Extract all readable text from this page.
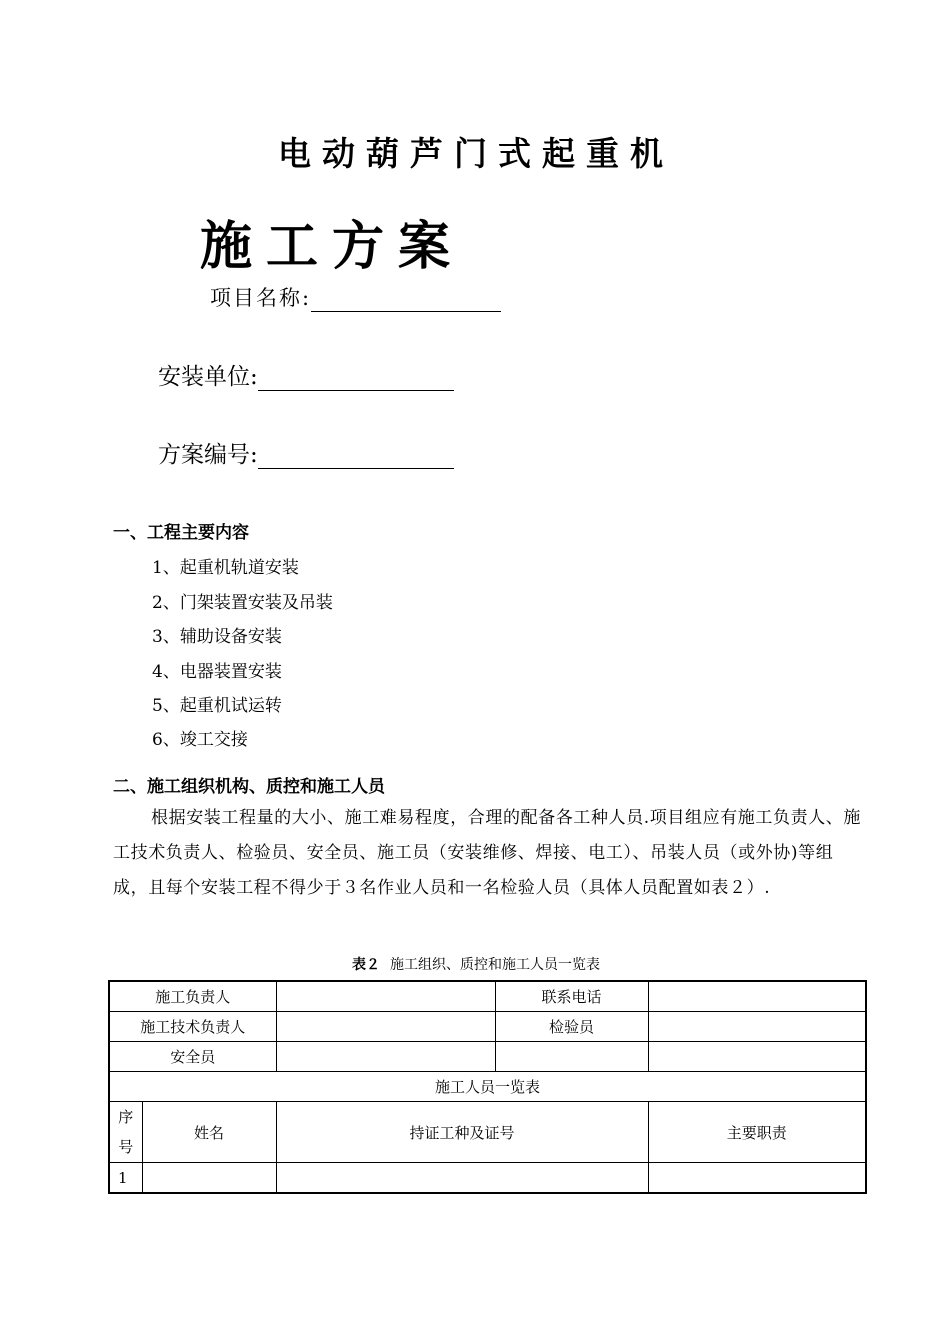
电动葫芦门式起重机
施工方案
项目名称:
安装单位:
方案编号:
一、工程主要内容
1、起重机轨道安装
2、门架装置安装及吊装
3、辅助设备安装
4、电器装置安装
5、起重机试运转
6、竣工交接
二、施工组织机构、质控和施工人员
根据安装工程量的大小、施工难易程度，合理的配备各工种人员.项目组应有施工负责人、施工技术负责人、检验员、安全员、施工员（安装维修、焊接、电工）、吊装人员（或外协)等组成，且每个安装工程不得少于３名作业人员和一名检验人员（具体人员配置如表２）.
表２ 施工组织、质控和施工人员一览表
施工负责人			联系电话	
施工技术负责人			检验员	
安全员				
施工人员一览表				

序
号	姓名	持证工种及证号		主要职责
1				
